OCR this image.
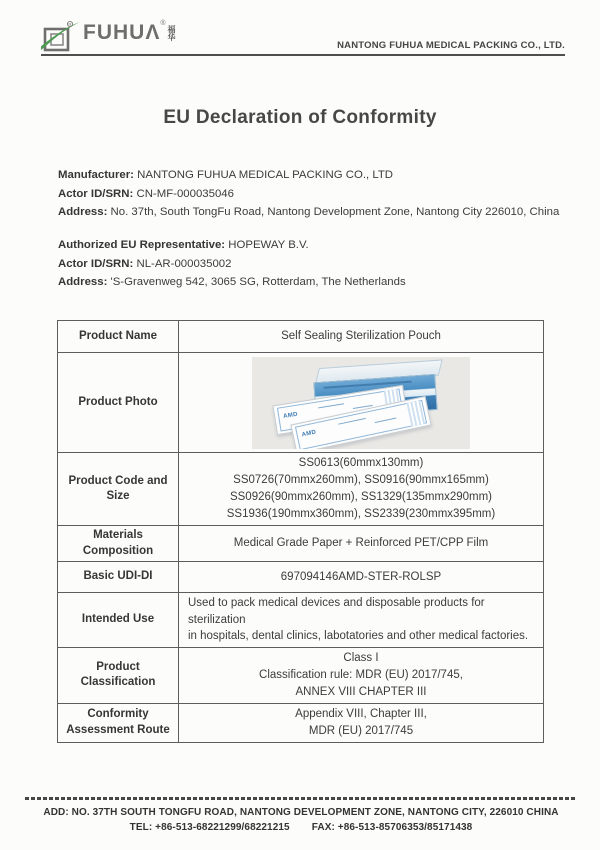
R FUHUΛ ®
福
华
NANTONG FUHUA MEDICAL PACKING CO., LTD.
EU Declaration of Conformity
Manufacturer: NANTONG FUHUA MEDICAL PACKING CO., LTD
Actor ID/SRN: CN-MF-000035046
Address: No. 37th, South TongFu Road, Nantong Development Zone, Nantong City 226010, China
Authorized EU Representative: HOPEWAY B.V.
Actor ID/SRN: NL-AR-000035002
Address: 'S-Gravenweg 542, 3065 SG, Rotterdam, The Netherlands
Product Name	Self Sealing Sterilization Pouch

Product Photo	AMD
AMD

Product Code and Size	SS0613(60mmx130mm)
SS0726(70mmx260mm), SS0916(90mmx165mm)
SS0926(90mmx260mm), SS1329(135mmx290mm)
SS1936(190mmx360mm), SS2339(230mmx395mm)

Materials Composition	Medical Grade Paper + Reinforced PET/CPP Film

Basic UDI-DI	697094146AMD-STER-ROLSP

Intended Use	Used to pack medical devices and disposable products for sterilization
in hospitals, dental clinics, labotatories and other medical factories.

Product Classification	Class I
Classification rule: MDR (EU) 2017/745,
ANNEX VIII CHAPTER III

Conformity Assessment Route	Appendix VIII, Chapter III,
MDR (EU) 2017/745
ADD: NO. 37TH SOUTH TONGFU ROAD, NANTONG DEVELOPMENT ZONE, NANTONG CITY, 226010 CHINA
TEL: +86-513-68221299/68221215 FAX: +86-513-85706353/85171438
